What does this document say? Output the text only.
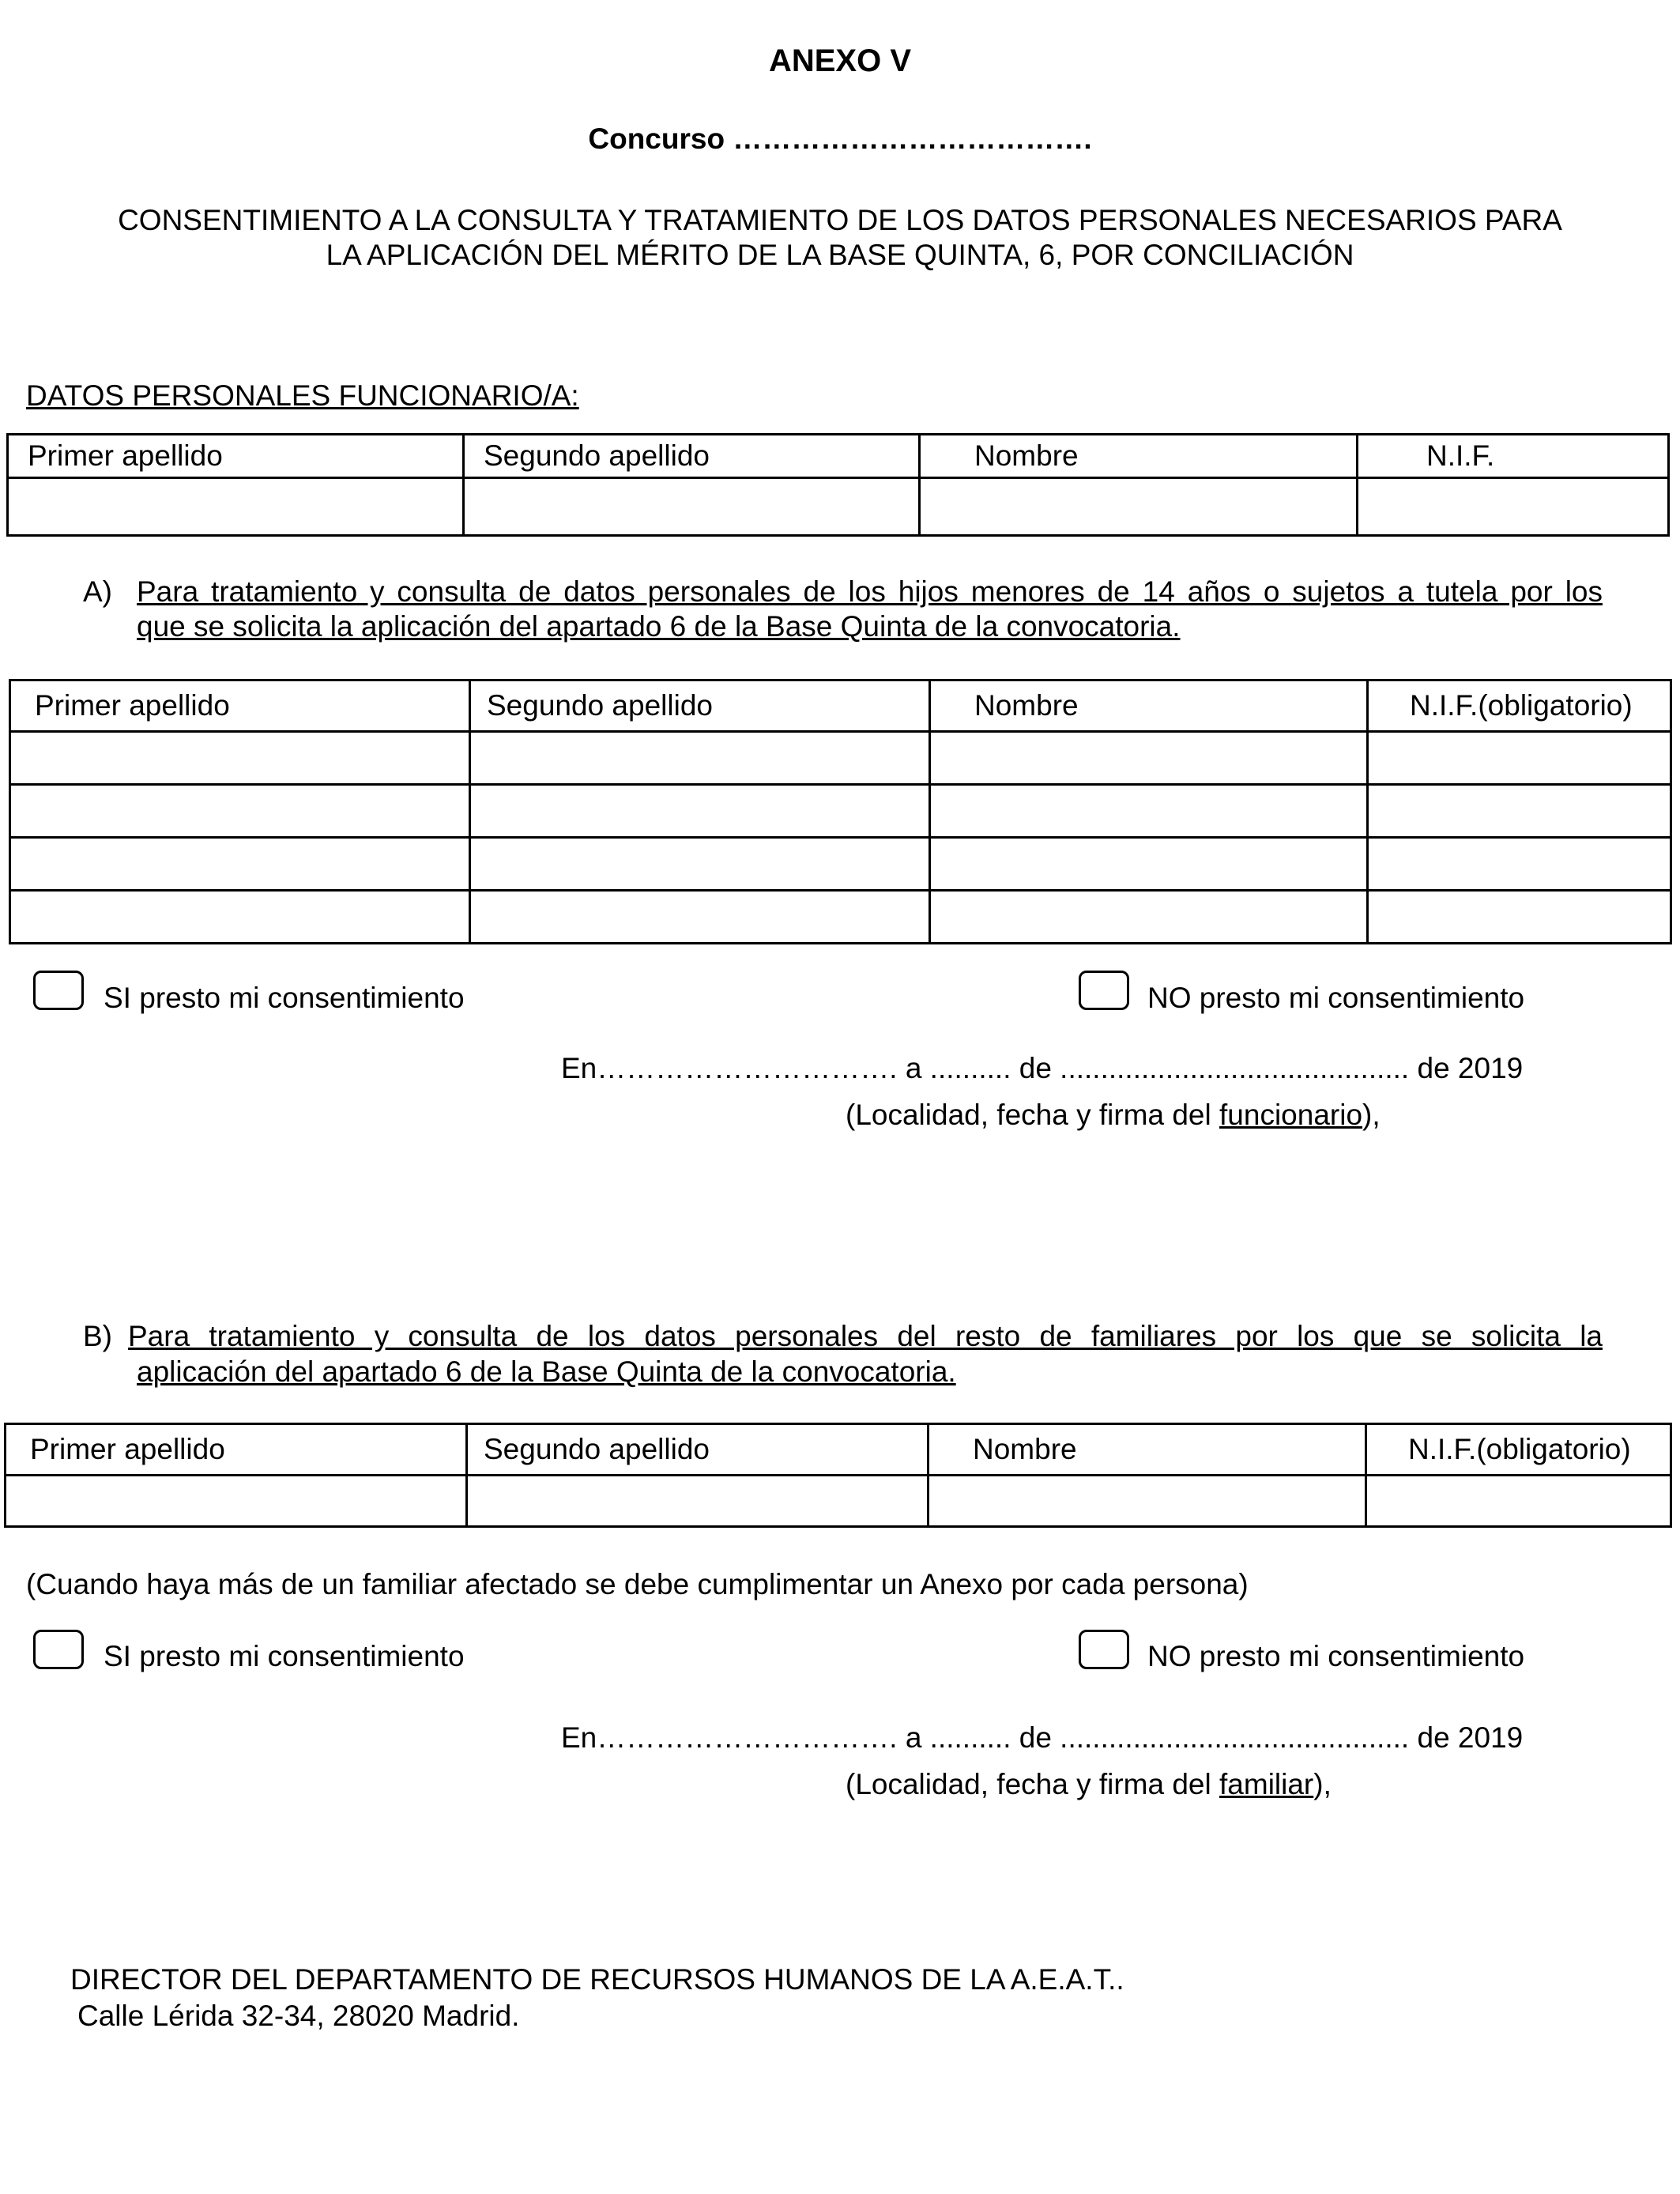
ANEXO V
Concurso ……………………………….
CONSENTIMIENTO A LA CONSULTA Y TRATAMIENTO DE LOS DATOS PERSONALES NECESARIOS PARA
LA APLICACIÓN DEL MÉRITO DE LA BASE QUINTA, 6, POR CONCILIACIÓN
DATOS PERSONALES FUNCIONARIO/A:
Primer apellido	Segundo apellido	Nombre	N.I.F.

A) Para tratamiento y consulta de datos personales de los hijos menores de 14 años o sujetos a tutela por los
que se solicita la aplicación del apartado 6 de la Base Quinta de la convocatoria.
Primer apellido	Segundo apellido	Nombre	N.I.F.(obligatorio)

SI presto mi consentimiento	NO presto mi consentimiento
En…………………………. a .......... de ........................................... de 2019
(Localidad, fecha y firma del funcionario),
B) Para tratamiento y consulta de los datos personales del resto de familiares por los que se solicita la
aplicación del apartado 6 de la Base Quinta de la convocatoria.
Primer apellido	Segundo apellido	Nombre	N.I.F.(obligatorio)

(Cuando haya más de un familiar afectado se debe cumplimentar un Anexo por cada persona)
SI presto mi consentimiento	NO presto mi consentimiento
En…………………………. a .......... de ........................................... de 2019
(Localidad, fecha y firma del familiar),
DIRECTOR DEL DEPARTAMENTO DE RECURSOS HUMANOS DE LA A.E.A.T..
Calle Lérida 32-34, 28020 Madrid.
